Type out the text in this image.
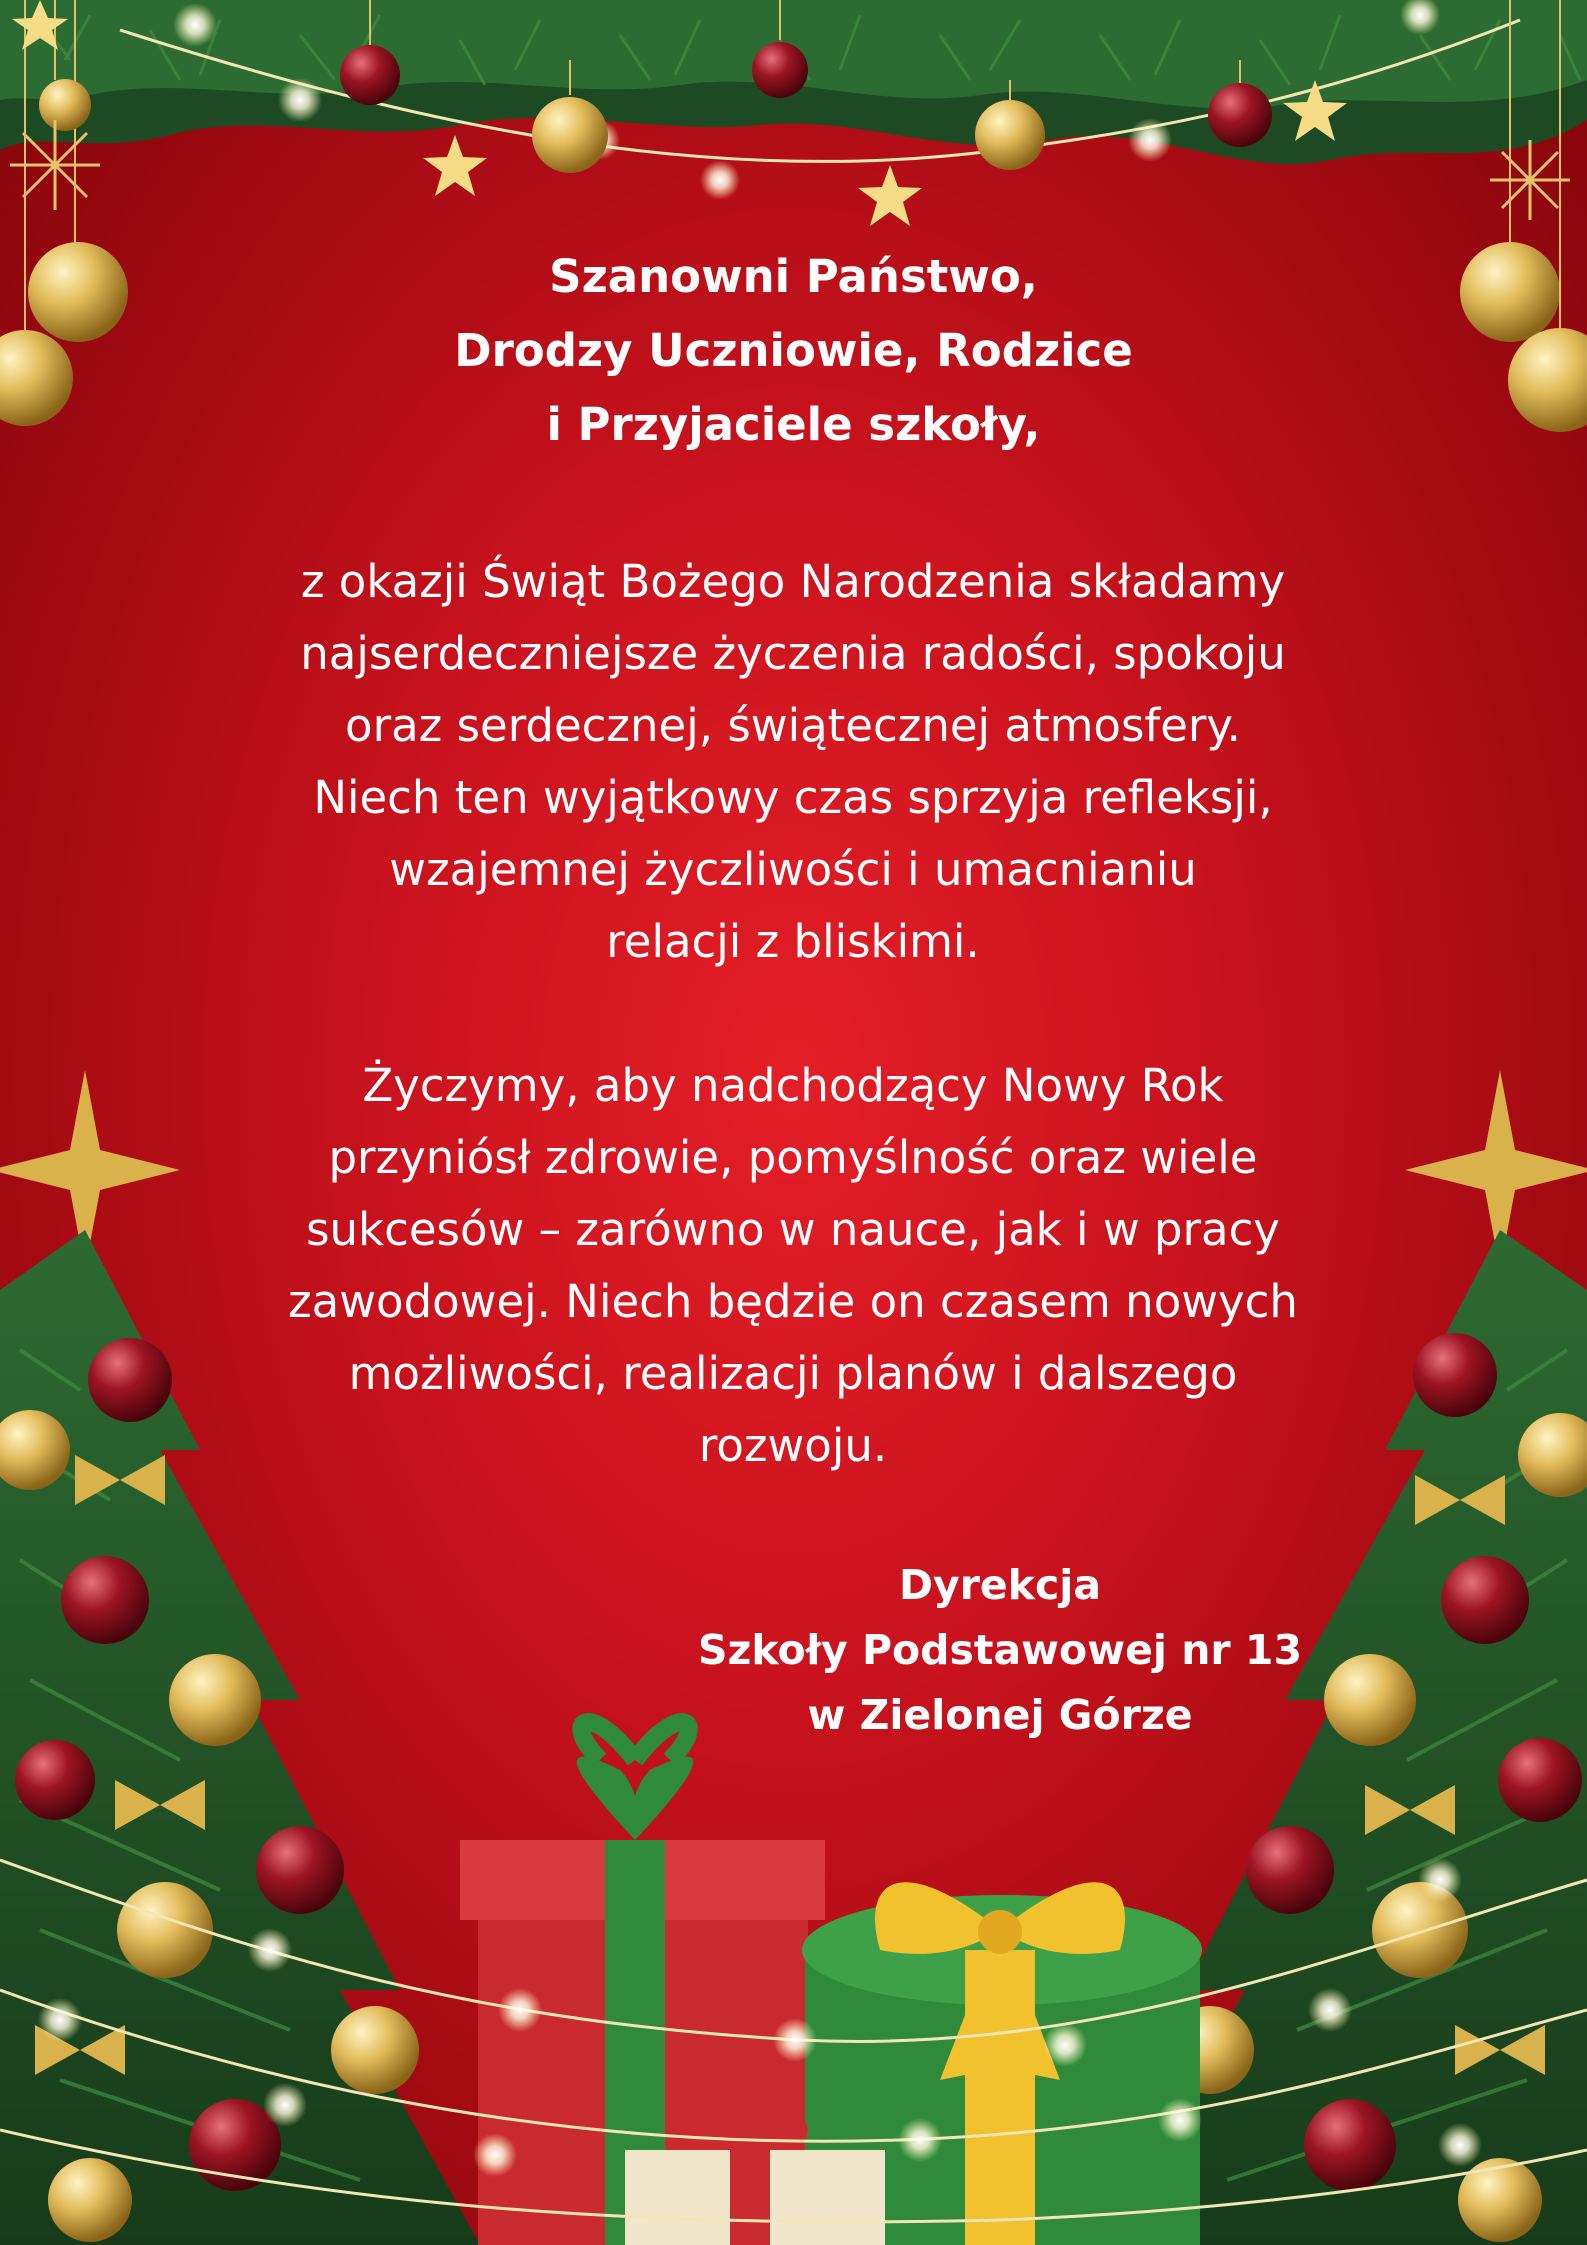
Szanowni Państwo,
Drodzy Uczniowie, Rodzice
i Przyjaciele szkoły,
z okazji Świąt Bożego Narodzenia składamy
najserdeczniejsze życzenia radości, spokoju
oraz serdecznej, świątecznej atmosfery.
Niech ten wyjątkowy czas sprzyja refleksji,
wzajemnej życzliwości i umacnianiu
relacji z bliskimi.
Życzymy, aby nadchodzący Nowy Rok
przyniósł zdrowie, pomyślność oraz wiele
sukcesów – zarówno w nauce, jak i w pracy
zawodowej. Niech będzie on czasem nowych
możliwości, realizacji planów i dalszego
rozwoju.
Dyrekcja
Szkoły Podstawowej nr 13
w Zielonej Górze
